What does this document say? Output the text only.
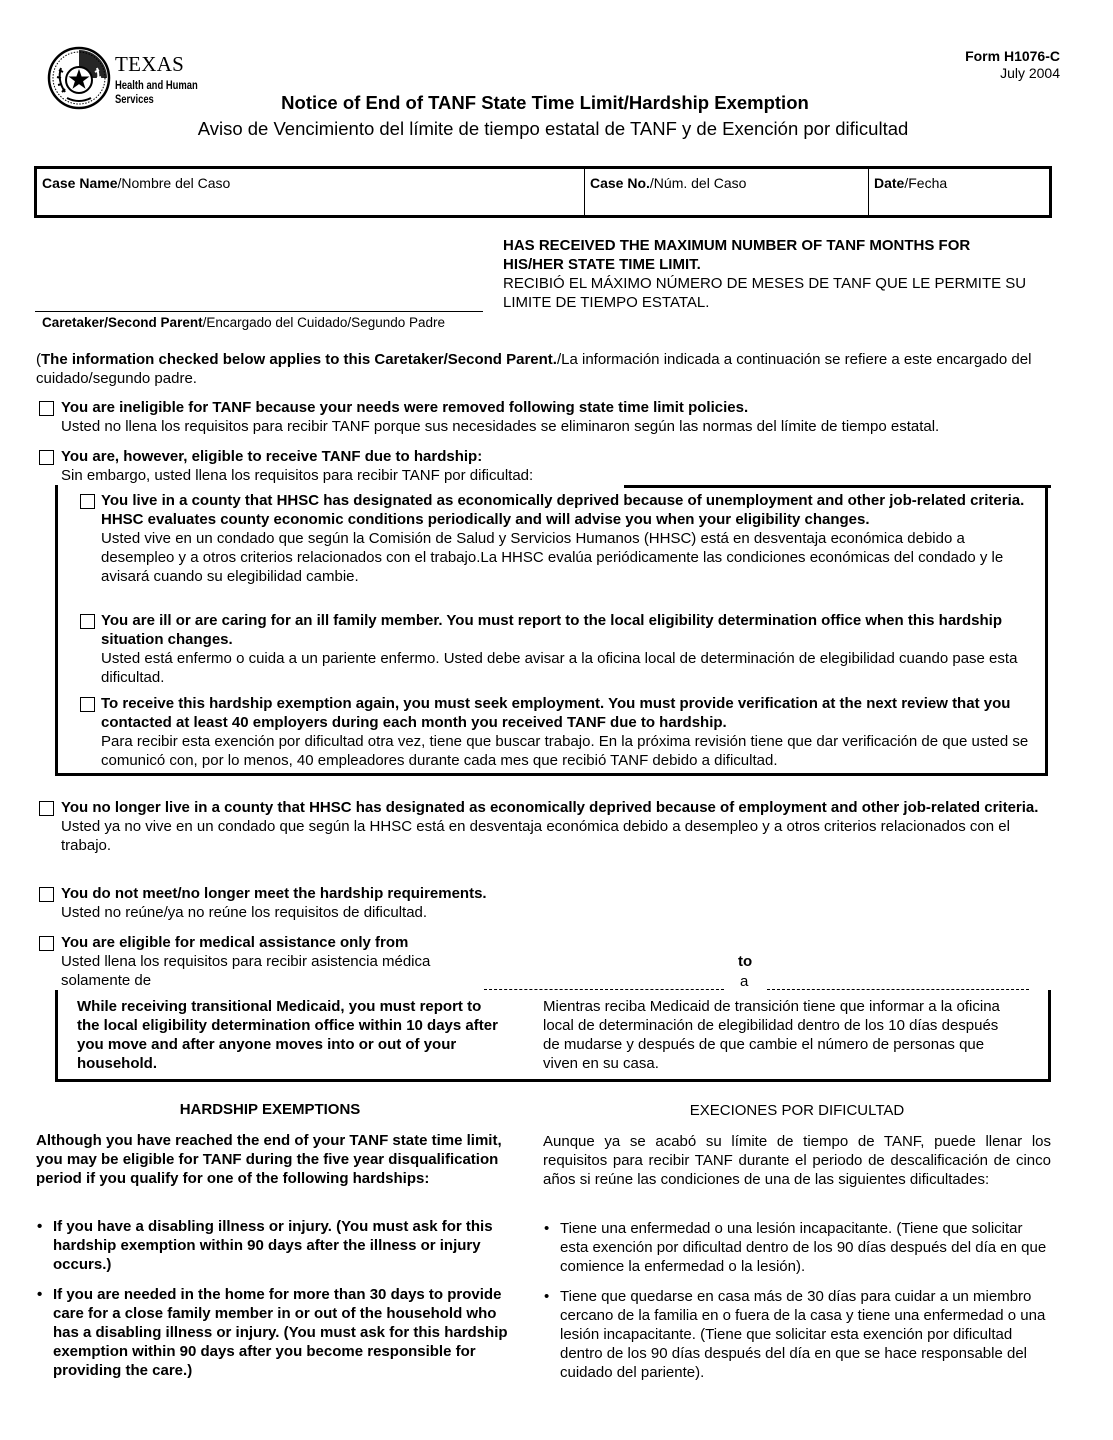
TEXAS
Health and Human
Services
Form H1076-C
July 2004
Notice of End of TANF State Time Limit/Hardship Exemption
Aviso de Vencimiento del límite de tiempo estatal de TANF y de Exención por dificultad
Case Name/Nombre del Caso	Case No./Núm. del Caso	Date/Fecha
Caretaker/Second Parent/Encargado del Cuidado/Segundo Padre
HAS RECEIVED THE MAXIMUM NUMBER OF TANF MONTHS FOR HIS/HER STATE TIME LIMIT.
RECIBIÓ EL MÁXIMO NÚMERO DE MESES DE TANF QUE LE PERMITE SU LIMITE DE TIEMPO ESTATAL.
(The information checked below applies to this Caretaker/Second Parent./La información indicada a continuación se refiere a este encargado del cuidado/segundo padre.
You are ineligible for TANF because your needs were removed following state time limit policies.
Usted no llena los requisitos para recibir TANF porque sus necesidades se eliminaron según las normas del límite de tiempo estatal.
You are, however, eligible to receive TANF due to hardship:
Sin embargo, usted llena los requisitos para recibir TANF por dificultad:
You live in a county that HHSC has designated as economically deprived because of unemployment and other job-related criteria. HHSC evaluates county economic conditions periodically and will advise you when your eligibility changes.
Usted vive en un condado que según la Comisión de Salud y Servicios Humanos (HHSC) está en desventaja económica debido a desempleo y a otros criterios relacionados con el trabajo.La HHSC evalúa periódicamente las condiciones económicas del condado y le avisará cuando su elegibilidad cambie.
You are ill or are caring for an ill family member. You must report to the local eligibility determination office when this hardship situation changes.
Usted está enfermo o cuida a un pariente enfermo. Usted debe avisar a la oficina local de determinación de elegibilidad cuando pase esta dificultad.
To receive this hardship exemption again, you must seek employment. You must provide verification at the next review that you contacted at least 40 employers during each month you received TANF due to hardship.
Para recibir esta exención por dificultad otra vez, tiene que buscar trabajo. En la próxima revisión tiene que dar verificación de que usted se comunicó con, por lo menos, 40 empleadores durante cada mes que recibió TANF debido a dificultad.
You no longer live in a county that HHSC has designated as economically deprived because of employment and other job-related criteria.
Usted ya no vive en un condado que según la HHSC está en desventaja económica debido a desempleo y a otros criterios relacionados con el trabajo.
You do not meet/no longer meet the hardship requirements.
Usted no reúne/ya no reúne los requisitos de dificultad.
You are eligible for medical assistance only from
Usted llena los requisitos para recibir asistencia médica
solamente de
to
a
While receiving transitional Medicaid, you must report to the local eligibility determination office within 10 days after you move and after anyone moves into or out of your household.
Mientras reciba Medicaid de transición tiene que informar a la oficina local de determinación de elegibilidad dentro de los 10 días después de mudarse y después de que cambie el número de personas que viven en su casa.
HARDSHIP EXEMPTIONS
Although you have reached the end of your TANF state time limit, you may be eligible for TANF during the five year disqualification period if you qualify for one of the following hardships:
• If you have a disabling illness or injury. (You must ask for this hardship exemption within 90 days after the illness or injury occurs.)
• If you are needed in the home for more than 30 days to provide care for a close family member in or out of the household who has a disabling illness or injury. (You must ask for this hardship exemption within 90 days after you become responsible for providing the care.)
EXECIONES POR DIFICULTAD
Aunque ya se acabó su límite de tiempo de TANF, puede llenar los requisitos para recibir TANF durante el periodo de descalificación de cinco años si reúne las condiciones de una de las siguientes dificultades:
• Tiene una enfermedad o una lesión incapacitante. (Tiene que solicitar esta exención por dificultad dentro de los 90 días después del día en que comience la enfermedad o la lesión).
• Tiene que quedarse en casa más de 30 días para cuidar a un miembro cercano de la familia en o fuera de la casa y tiene una enfermedad o una lesión incapacitante. (Tiene que solicitar esta exención por dificultad dentro de los 90 días después del día en que se hace responsable del cuidado del pariente).
